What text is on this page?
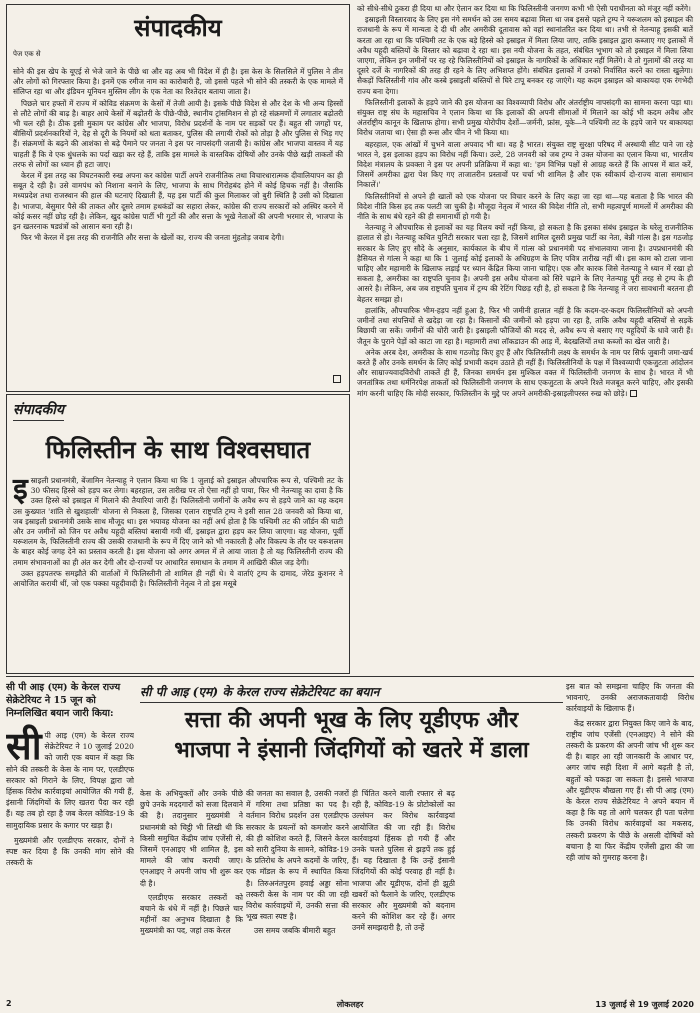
संपादकीय
पेज एक से

सोने की इस खेप के यूएई से भेजे जाने के पीछे था और वह अब भी विदेश में ही है। इस केस के सिलसिले में पुलिस ने तीन और लोगों को गिरफ्तार किया है। इनमें एक रमीज नाम का कारोबारी है, जो इससे पहले भी सोने की तस्करी के एक मामले में संलिप्त रहा था और इंडियन यूनियन मुस्लिम लीग के एक नेता का रिश्तेदार बताया जाता है।

पिछले चार हफ्तों में राज्य में कोविड संक्रमण के केसों में तेजी आयी है। इसके पीछे विदेश से और देश के भी अन्य हिस्सों से लौटे लोगों की बाढ़ है। बाहर आये केसों में बढ़ोतरी के पीछे-पीछे, स्थानीय ट्रांसमिशन से हो रहे संक्रमणों में लगातार बढ़ोतरी भी चल रही है। ठीक इसी मुकाम पर कांग्रेस और भाजपा, विरोध प्रदर्शनों के नाम पर सड़कों पर हैं। बहुत सी जगहों पर, बीसियों प्रदर्शनकारियों ने, देह से दूरी के नियमों को धता बताकर, पुलिस की लगायी रोकों को तोड़ा है और पुलिस से भिड़ गए हैं। संक्रमणों के बढ़ने की आशंका से बढ़े पैमाने पर जनता ने इस पर नापसंदगी जतायी है। कांग्रेस और भाजपा वास्तव में यह चाहती हैं कि वे एक धुंधलके का पर्दा खड़ा कर रहे हैं, ताकि इस मामले के वास्तविक दोषियों और उनके पीछे खड़ी ताकतों की तरफ से लोगों का ध्यान ही हटा जाए।

केरल में इस तरह का विघटनकारी रुख अपना कर कांग्रेस पार्टी अपने राजनीतिक तथा विचारधारात्मक दीवालियापन का ही सबूत दे रही है। उसे वामपंथ को निशाना बनाने के लिए, भाजपा के साथ गिरोहबंद होने में कोई हिचक नहीं है। जैसाकि मध्यप्रदेश तथा राजस्थान की हाल की घटनाएं दिखाती हैं, यह इस पार्टी की कुल मिलाकर जो बुरी स्थिति है उसी को दिखाता है। भाजपा, बेसुमार पैसे की ताकत और दूसरे तमाम हथकंडों का सहारा लेकर, कांग्रेस की राज्य सरकारों को अस्थिर करने में कोई कसर नहीं छोड़ रही है। लेकिन, खुद कांग्रेस पार्टी भी गुटों की और सत्ता के भूखे नेताओं की अपनी भरमार से, भाजपा के इन खतरनाक षड्यंत्रों को आसान बना रही है।

फिर भी केरल में इस तरह की राजनीति और सत्ता के खेलों का, राज्य की जनता मुंहतोड़ जवाब देगी।

संपादकीय
फिलिस्तीन के साथ विश्वसघात

इस्राइली प्रधानमंत्री, बेंजामिन नेतन्याहू ने एलान किया था कि 1 जुलाई को इस्राइल औपचारिक रूप से, पश्चिमी तट के 30 फीसद हिस्से को हड़प कर लेगा। बहरहाल, उस तारीख पर तो ऐसा नहीं हो पाया, फिर भी नेतन्याहू का दावा है कि उक्त हिस्से को इस्राइल में मिलाने की तैयारियां जारी हैं। फिलिस्तीनी जमीनों के अवैध रूप से हड़पे जाने का यह कदम उस कुख्यात 'शांति से खुशहाली' योजना से निकला है, जिसका एलान राष्ट्रपति ट्रम्प ने इसी साल 28 जनवरी को किया था, जब इस्राइली प्रधानमंत्री उसके साथ मौजूद था। इस भयावह योजना का नहीं अर्थ होता है कि पश्चिमी तट की जॉर्डन की घाटी और उन जमीनों को जिन पर अवैध यहूदी बस्तियां बसायी गयी थीं, इस्राइल द्वारा हड़प कर लिया जाएगा। यह योजना, पूर्वी यरूशलम के, फिलिस्तीनी राज्य की उसकी राजधानी के रूप में दिए जाने को भी नकारती है और विकल्प के तौर पर यरूशलम के बाहर कोई जगह देने का प्रस्ताव करती है। इस योजना को अगर अमल में ले आया जाता है तो यह फिलिस्तीनी राज्य की तमाम संभावनाओं का ही अंत कर देगी और दो-राज्यों पर आधारित समाधान के तमाम में आखिरी कील जड़ देगी।

उक्त हड़पतरफ समझौते की वार्ताओं में फिलिस्तीनी तो शामिल ही नहीं थे। ये वार्ताएं ट्रम्प के दामाद, जेरेड कुशनर ने आयोजित करायी थीं, जो एक पक्का यहूदीवादी है। फिलिस्तीनी नेतृत्व ने तो इस मसूबे

को सीधे-सीधे ठुकरा ही दिया था और ऐलान कर दिया था कि फिलिस्तीनी जनगण कभी भी ऐसी पराधीनता को मंजूर नहीं करेंगे।

इस्राइली विस्तारवाद के लिए इस नंगे समर्थन को उस समय बढ़ावा मिला था जब इससे पहले ट्रम्प ने यरूशलम को इस्राइल की राजधानी के रूप में मान्यता दे दी थी और अमरीकी दूतावास को वहां स्थानांतरित कर दिया था। तभी से नेतन्याहू इसकी बातें करता आ रहा था कि पश्चिमी तट के एक बड़े हिस्से को इस्राइल में मिला लिया जाए, ताकि इस्राइल द्वारा कब्जाए गए इलाकों में अवैध यहूदी बस्तियों के विस्तार को बढ़ावा दे रहा था। इस नयी योजना के तहत, संबंधित भूभाग को तो इस्राइल में मिला लिया जाएगा, लेकिन इन जमीनों पर रह रहे फिलिस्तीनियों को इस्राइल के नागरिकों के अधिकार नहीं मिलेंगे। वे तो गुलामों की तरह या दूसरे दर्जे के नागरिकों की तरह ही रहने के लिए अभिशप्त होंगे। संबंधित इलाकों में उनको निर्वासित करने का रास्ता खुलेगा। सैकड़ों फिलिस्तीनी गांव और कस्बे इस्राइली बस्तियों से घिरे टापू बनकर रह जाएंगे। यह कदम इस्राइल को बाकायदा एक रंगभेदी राज्य बना देगा।

फिलिस्तीनी इलाकों के हड़पे जाने की इस योजना का विश्वव्यापी विरोध और अंतर्राष्ट्रीय नापसंदगी का सामना करना पड़ा था। संयुक्त राष्ट्र संघ के महासचिव ने एलान किया था कि इलाकों की अपनी सीमाओं में मिलाने का कोई भी कदम अवैध और अंतर्राष्ट्रीय कानून के खिलाफ होगा। सभी प्रमुख योरोपीय देशों—जर्मनी, फ्रांस, यूके—ने पश्चिमी तट के हड़पे जाने पर बाकायदा विरोध जताया था। ऐसा ही रूस और चीन ने भी किया था।

बहरहाल, एक आंखों में चुभने वाला अपवाद भी था। वह है भारत। संयुक्त राष्ट्र सुरक्षा परिषद में अस्थायी सीट पाने जा रहे भारत ने, इस इलाका हड़प का विरोध नहीं किया। उल्टे, 28 जनवरी को जब ट्रम्प ने उक्त योजना का एलान किया था, भारतीय विदेश मंत्रालय के प्रवक्ता ने इस पर अपनी प्रतिक्रिया में कहा था: 'हम विभिन्न पक्षों से आग्रह करते हैं कि आपस में बात करें, जिसमें अमरीका द्वारा पेश किए गए ताजातरीन प्रस्तावों पर चर्चा भी शामिल है और एक स्वीकार्य दो-राज्य वाला समाधान निकालें।'

फिलिस्तीनियों से अपने ही खातों को एक योजना पर विचार करने के लिए कहा जा रहा था—यह बताता है कि भारत की विदेश नीति किस हद तक पलटी जा चुकी है। मौजूदा नेतृत्व में भारत की विदेश नीति तो, सभी महत्वपूर्ण मामलों में अमरीका की नीति के साथ बंधे रहने की ही समानार्थी हो गयी है।

नेतन्याहू ने औपचारिक से इलाकों का यह विलय क्यों नहीं किया, हो सकता है कि इसका संबंध इस्राइल के घरेलू राजनीतिक हालात से हो। नेतन्याहू कथित युनिटी सरकार चला रहा है, जिसमें शामिल दूसरी प्रमुख पार्टी का नेता, बेन्नी गांत्स है। इस गठजोड़ सरकार के लिए हुए सौदे के अनुसार, कार्यकाल के बीच में गांत्स को प्रधानमंत्री पद संभालवाया जाना है। उपप्रधानमंत्री की हैसियत से गांत्स ने कहा था कि 1 जुलाई कोई इलाकों के अधिग्रहण के लिए पवित्र तारीख नहीं थी। इस काम को टाला जाना चाहिए और महामारी के खिलाफ लड़ाई पर ध्यान केंद्रित किया जाना चाहिए। एक और कारक जिसे नेतन्याहू ने ध्यान में रखा हो सकता है, अमरीका का राष्ट्रपति चुनाव है। अपनी इस अवैध योजना को सिरे चढ़ाने के लिए नेतन्याहू पूरी तरह से ट्रम्प के ही आसरे है। लेकिन, अब जब राष्ट्रपति चुनाव में ट्रम्प की रेटिंग पिछड़ रही है, हो सकता है कि नेतन्याहू ने जरा सावधानी बरतना ही बेहतर समझा हो।

हालांकि, औपचारिक भीम-हड़प नहीं हुआ है, फिर भी जमीनी हालात नहीं है कि कदम-दर-कदम फिलिस्तीनियों को अपनी जमीनों तथा संपत्तियों से खदेड़ा जा रहा है। किसानों की जमीनों को हड़पा जा रहा है, ताकि अवैध यहूदी बस्तियों से सड़कें बिछायी जा सकें। जमीनों की चोरी जारी है। इस्राइली फौजियों की मदद से, अवैध रूप से बसाए गए यहूदियों के धावे जारी हैं। जैतून के पुराने पेड़ों को काटा जा रहा है। महामारी तथा लॉकडाउन की आड़ में, बेदखलियों तथा कब्जों का खेल जारी है।

अनेक अरब देश, अमरीका के साथ गठजोड़ किए हुए हैं और फिलिस्तीनी लक्ष्य के समर्थन के नाम पर सिर्फ जुबानी जमा-खर्च करते हैं और उनके समर्थन के लिए कोई प्रभावी कदम उठाते ही नहीं हैं। फिलिस्तीनियों के पक्ष में विश्वव्यापी एकजुटता आंदोलन और साम्राज्यवादविरोधी ताकतें ही हैं, जिनका समर्थन इस मुश्किल वक्त में फिलिस्तीनी जनगण के साथ है। भारत में भी जनतांत्रिक तथा धर्मनिरपेक्ष ताकतों को फिलिस्तीनी जनगण के साथ एकजुटता के अपने रिश्ते मजबूत करने चाहिए, और इसकी मांग करनी चाहिए कि मोदी सरकार, फिलिस्तीन के मुद्दे पर अपने अमरीकी-इस्राइलीपरस्त रुख को छोड़े।

सी पी आइ (एम) के केरल राज्य सेक्रेटेरियट ने 15 जून को निम्नलिखित बयान जारी किया:

सीपी आइ (एम) के केरल राज्य सेक्रेटेरियट ने 10 जुलाई 2020 को जारी एक बयान में कहा कि सोने की तस्करी के केस के नाम पर, एलडीएफ सरकार को गिराने के लिए, विपक्ष द्वारा जो हिंसक विरोध कार्रवाइयां आयोजित की गयी हैं, इंसानी जिंदगियों के लिए खतरा पैदा कर रही हैं। यह तब हो रहा है जब केरल कोविड-19 के सामुदायिक प्रसार के कगार पर खड़ा है।

मुख्यमंत्री और एलडीएफ सरकार, दोनों ने स्पष्ट कर दिया है कि उनकी मांग सोने की तस्करी के

सी पी आइ (एम) के केरल राज्य सेक्रेटेरियट का बयान
सत्ता की अपनी भूख के लिए यूडीएफ और
भाजपा ने इंसानी जिंदगियों को खतरे में डाला

केस के अभियुक्तों और उनके पीछे छुपे उनके मददगारों को सजा दिलवाने की है। तदानुसार मुख्यमंत्री ने प्रधानमंत्री को चिट्ठी भी लिखी थी कि किसी समुचित केंद्रीय जांच एजेंसी से, जिसमें एनआइए भी शामिल है, इस मामले की जांच करायी जाए। एनआइए ने अपनी जांच भी शुरू कर दी है।

एलडीएफ सरकार तस्करों को बचाने के धंधे में नहीं है। पिछले चार महीनों का अनुभव दिखाता है कि मुख्यमंत्री का पद, जहां तक केरल

की जनता का सवाल है, उसकी नजरों में गरिमा तथा प्रतिष्ठा का पद है। वर्तमान विरोध प्रदर्शन उस एलडीएफ सरकार के प्रयत्नों को कमजोर करने की ही कोशिश करते हैं, जिसने केरल को सारी दुनिया के सामने, कोविड-19 के प्रतिरोध के अपने कदमों के जरिए, एक मॉडल के रूप में स्थापित किया है। तिरुअनंतपुरम हवाई अड्डा सोना तस्करी केस के नाम पर की जा रही विरोध कार्रवाइयों में, उनकी सत्ता की भूख स्वतः स्पष्ट है।

उस समय जबकि बीमारी बहुत

ही चिंतित करने वाली रफ्तार से बढ़ रही है, कोविड-19 के प्रोटोकोलों का उल्लंघन कर विरोध कार्रवाइयां आयोजित की जा रही हैं। विरोध कार्रवाइयां हिंसक हो गयी हैं और उनके चलते पुलिस से झड़पें तक हुई हैं। यह दिखाता है कि उन्हें इंसानी जिंदगियों की कोई परवाह ही नहीं है। भाजपा और यूडीएफ, दोनों ही झूठी खबरों को फैलाने के जरिए, एलडीएफ सरकार और मुख्यमंत्री को बदनाम करने की कोशिश कर रहे हैं। अगर उनमें समझदारी है, तो उन्हें

इस बात को समझना चाहिए कि जनता की भावनाएं, उनकी अराजकतावादी विरोध कार्रवाइयों के खिलाफ हैं।

केंद्र सरकार द्वारा नियुक्त किए जाने के बाद, राष्ट्रीय जांच एजेंसी (एनआइए) ने सोने की तस्करी के प्रकरण की अपनी जांच भी शुरू कर दी है। बाहर आ रही जानकारी के आधार पर, अगर जांच सही दिशा में आगे बढ़ती है तो, बहुतों को पकड़ा जा सकता है। इससे भाजपा और यूडीएफ बौखला गए हैं। सी पी आइ (एम) के केरल राज्य सेक्रेटेरियट ने अपने बयान में कहा है कि यह तो आगे चलकर ही पता चलेगा कि उनकी विरोध कार्रवाइयों का मकसद, तस्करी प्रकरण के पीछे के असली दोषियों को बचाना है या फिर केंद्रीय एजेंसी द्वारा की जा रही जांच को गुमराह करना है।

2	लोकलहर	13 जुलाई से 19 जुलाई 2020
